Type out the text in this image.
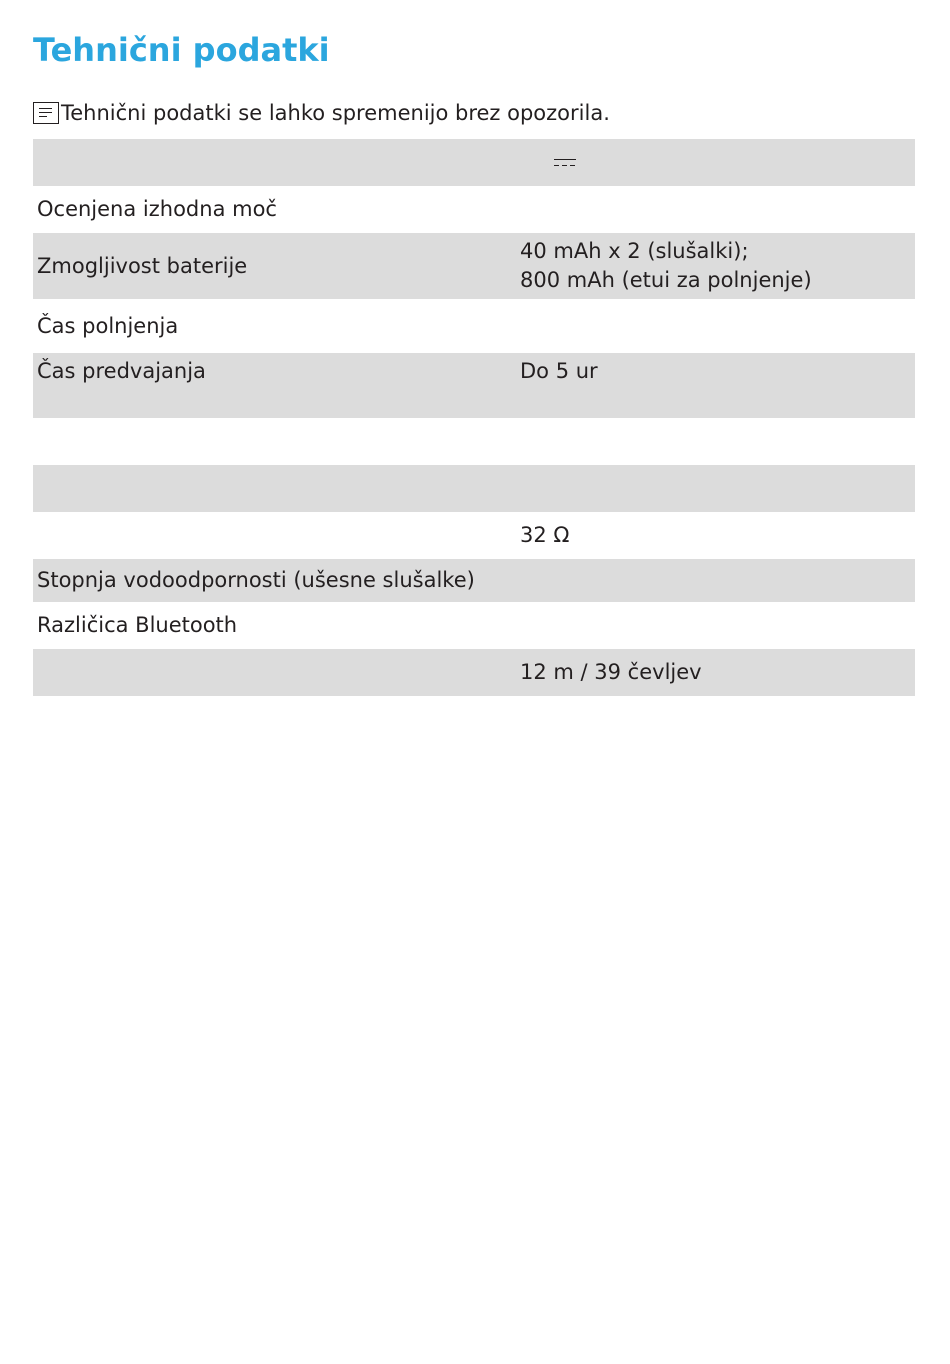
Tehnični podatki
Tehnični podatki se lahko spremenijo brez opozorila.

Ocenjena izhodna moč	
Zmogljivost baterije	40 mAh x 2 (slušalki);
800 mAh (etui za polnjenje)
Čas polnjenja	
Čas predvajanja	Do 5 ur

	32 Ω
Stopnja vodoodpornosti (ušesne slušalke)	
Različica Bluetooth	
	12 m / 39 čevljev
